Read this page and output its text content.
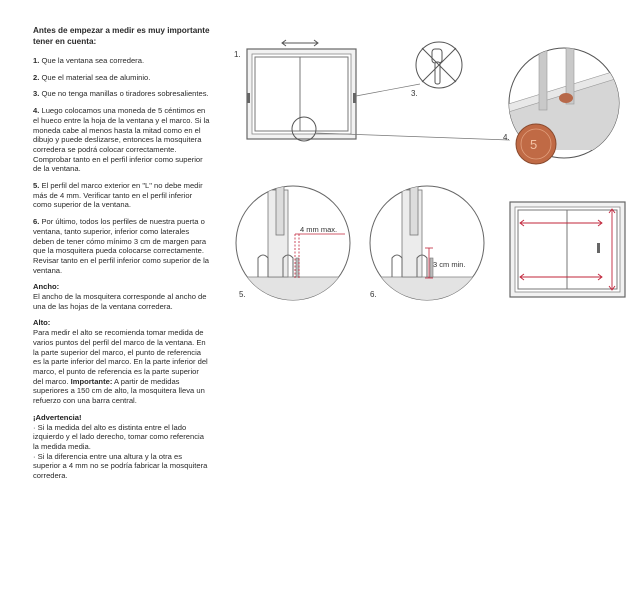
Antes de empezar a medir es muy importante tener en cuenta:

1. Que la ventana sea corredera.

2. Que el material sea de aluminio.

3. Que no tenga manillas o tiradores sobresalientes.

4. Luego colocamos una moneda de 5 céntimos en el hueco entre la hoja de la ventana y el marco. Si la moneda cabe al menos hasta la mitad como en el dibujo y puede deslizarse, entonces la mosquitera corredera se podrá colocar correctamente. Comprobar tanto en el perfil inferior como superior de la ventana.

5. El perfil del marco exterior en "L" no debe medir más de 4 mm. Verificar tanto en el perfil inferior como superior de la ventana.

6. Por último, todos los perfiles de nuestra puerta o ventana, tanto superior, inferior como laterales deben de tener cómo mínimo 3 cm de margen para que la mosquitera pueda colocarse correctamente. Revisar tanto en el perfil inferior como superior de la ventana.

Ancho:
El ancho de la mosquitera corresponde al ancho de una de las hojas de la ventana corredera.

Alto:
Para medir el alto se recomienda tomar medida de varios puntos del perfil del marco de la ventana. En la parte superior del marco, el punto de referencia es la parte inferior del marco. En la parte inferior del marco, el punto de referencia es la parte superior del marco. Importante: A partir de medidas superiores a 150 cm de alto, la mosquitera lleva un refuerzo con una barra central.

¡Advertencia!
· Si la medida del alto es distinta entre el lado izquierdo y el lado derecho, tomar como referencia la medida media.
· Si la diferencia entre una altura y la otra es superior a 4 mm no se podría fabricar la mosquitera corredera.

1.
3.
5
4.
4 mm max.
5.
3 cm min.
6.
